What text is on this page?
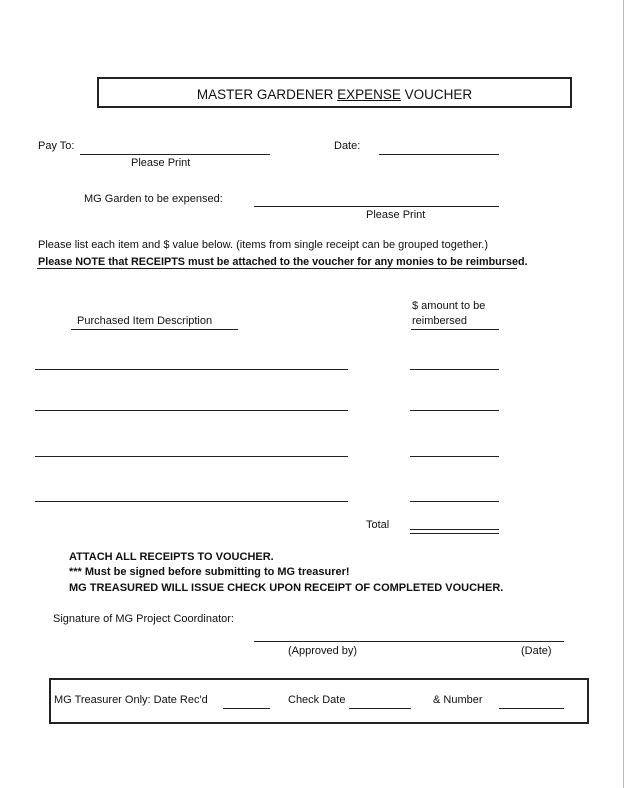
MASTER GARDENER EXPENSE VOUCHER
Pay To:
Please Print
Date:
MG Garden to be expensed:
Please Print
Please list each item and $ value below. (items from single receipt can be grouped together.)
Please NOTE that RECEIPTS must be attached to the voucher for any monies to be reimbursed.
$ amount to be
reimbersed
Purchased Item Description
Total
ATTACH ALL RECEIPTS TO VOUCHER.
*** Must be signed before submitting to MG treasurer!
MG TREASURED WILL ISSUE CHECK UPON RECEIPT OF COMPLETED VOUCHER.
Signature of MG Project Coordinator:
(Approved by)	(Date)
MG Treasurer Only: Date Rec'd	Check Date	& Number
